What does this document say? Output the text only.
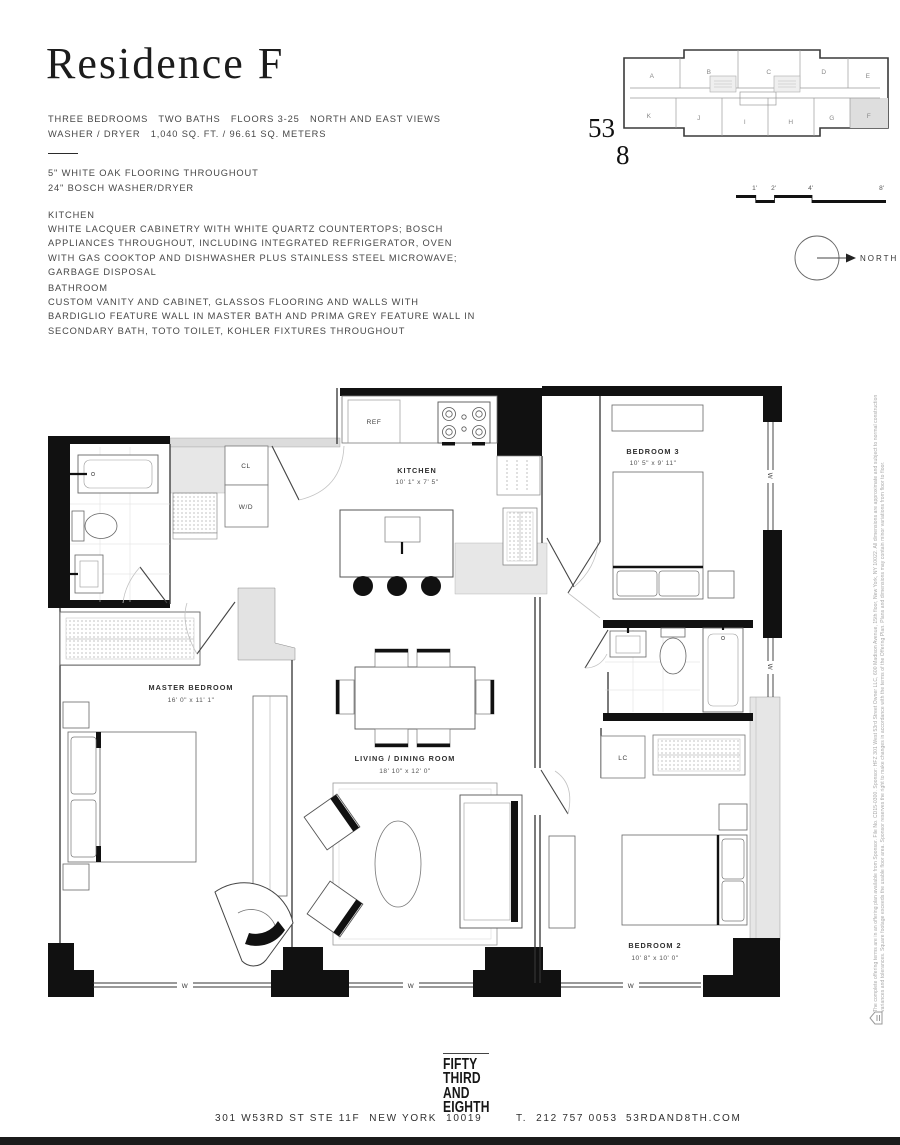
Residence F
THREE BEDROOMS   TWO BATHS   FLOORS 3-25   NORTH AND EAST VIEWS
WASHER / DRYER   1,040 SQ. FT. / 96.61 SQ. METERS
5" WHITE OAK FLOORING THROUGHOUT
24" BOSCH WASHER/DRYER
KITCHEN
WHITE LACQUER CABINETRY WITH WHITE QUARTZ COUNTERTOPS; BOSCH APPLIANCES THROUGHOUT, INCLUDING INTEGRATED REFRIGERATOR, OVEN WITH GAS COOKTOP AND DISHWASHER PLUS STAINLESS STEEL MICROWAVE; GARBAGE DISPOSAL
BATHROOM
CUSTOM VANITY AND CABINET, GLASSOS FLOORING AND WALLS WITH BARDIGLIO FEATURE WALL IN MASTER BATH AND PRIMA GREY FEATURE WALL IN SECONDARY BATH, TOTO TOILET, KOHLER FIXTURES THROUGHOUT
53
8
A
B	C	D
E
K	J
I	H
G	F
1' 2'	4'	8'
NORTH
W	W	W
W
W
CL
W/D
REF
KITCHEN
10' 1" x 7' 5"
BEDROOM 3
10' 5" x 9' 11"
LC
BEDROOM 2
10' 8" x 10' 0"
MASTER BEDROOM
16' 0" x 11' 1"
LIVING / DINING ROOM
18' 10" x 12' 0"
FIFTY
THIRD
AND
EIGHTH
301 W53RD ST STE 11F  NEW YORK  10019	T.  212 757 0053 53RDAND8TH.COM
The complete offering terms are in an offering plan available from Sponsor. File No. CD15-0300. Sponsor: HFZ 301 West 53rd Street Owner LLC, 600 Madison Avenue, 15th floor, New York, NY 10022. All dimensions are approximate and subject to normal construction variances and tolerances. Square footage exceeds the usable floor area. Sponsor reserves the right to make changes in accordance with the terms of the Offering Plan. Plans and dimensions may contain minor variations from floor to floor.
